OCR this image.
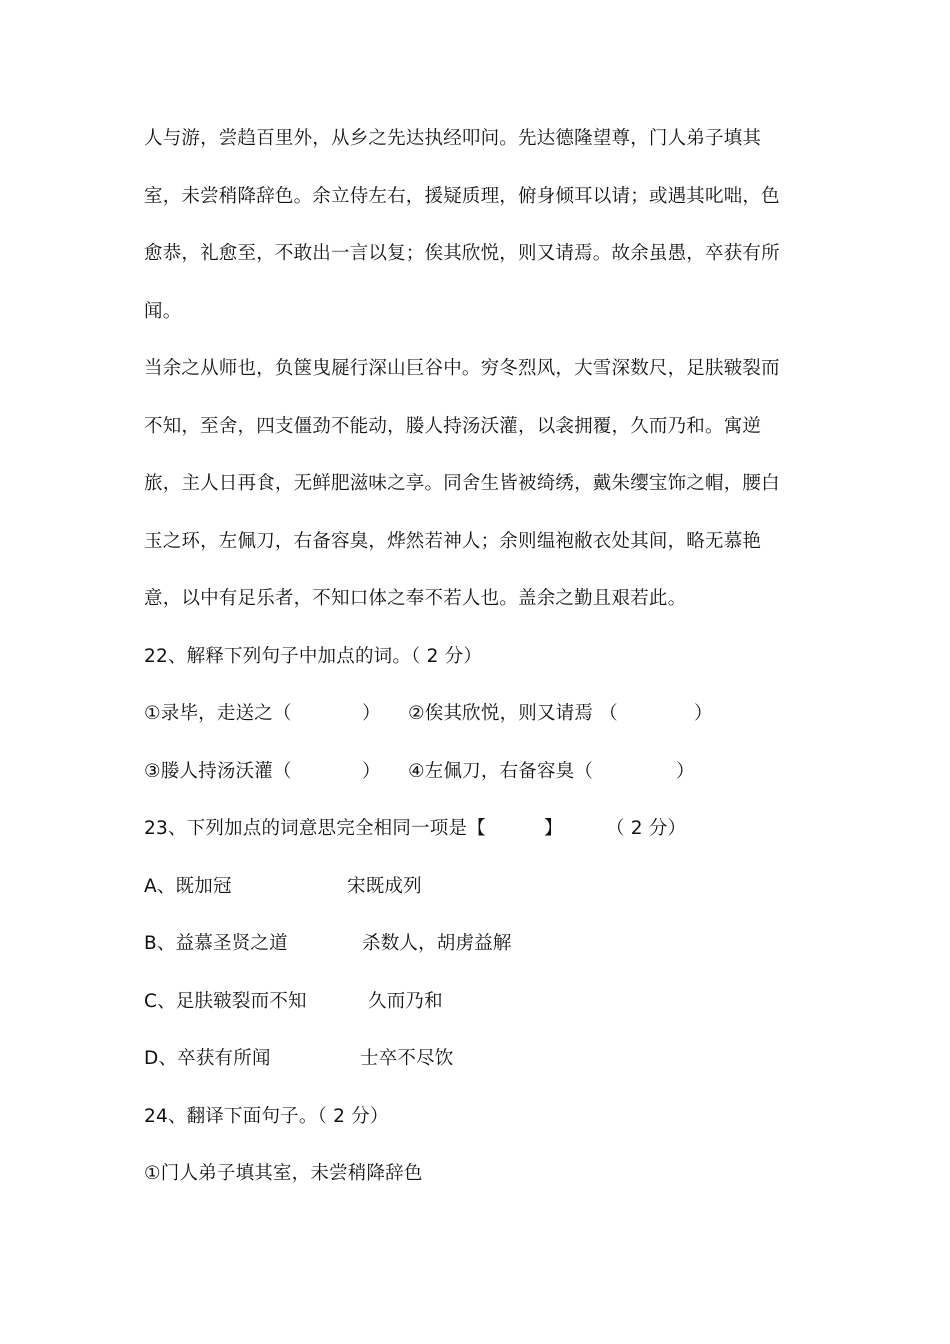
人与游，尝趋百里外，从乡之先达执经叩问。先达德隆望尊，门人弟子填其
室，未尝稍降辞色。余立侍左右，援疑质理，俯身倾耳以请；或遇其叱咄，色
愈恭，礼愈至，不敢出一言以复；俟其欣悦，则又请焉。故余虽愚，卒获有所
闻。
当余之从师也，负箧曳屣行深山巨谷中。穷冬烈风，大雪深数尺，足肤皲裂而
不知，至舍，四支僵劲不能动，媵人持汤沃灌，以衾拥覆，久而乃和。寓逆
旅，主人日再食，无鲜肥滋味之享。同舍生皆被绮绣，戴朱缨宝饰之帽，腰白
玉之环，左佩刀，右备容臭，烨然若神人；余则缊袍敝衣处其间，略无慕艳
意，以中有足乐者，不知口体之奉不若人也。盖余之勤且艰若此。
22、解释下列句子中加点的词。（ 2 分）
①录毕，走送之（	） ②俟其欣悦，则又请焉 （	）
③媵人持汤沃灌（	） ④左佩刀，右备容臭（	）
23、下列加点的词意思完全相同一项是【	】 （ 2 分）
A、既加冠	宋既成列
B、益慕圣贤之道	杀数人，胡虏益解
C、足肤皲裂而不知	久而乃和
D、卒获有所闻	士卒不尽饮
24、翻译下面句子。（ 2 分）
①门人弟子填其室，未尝稍降辞色
